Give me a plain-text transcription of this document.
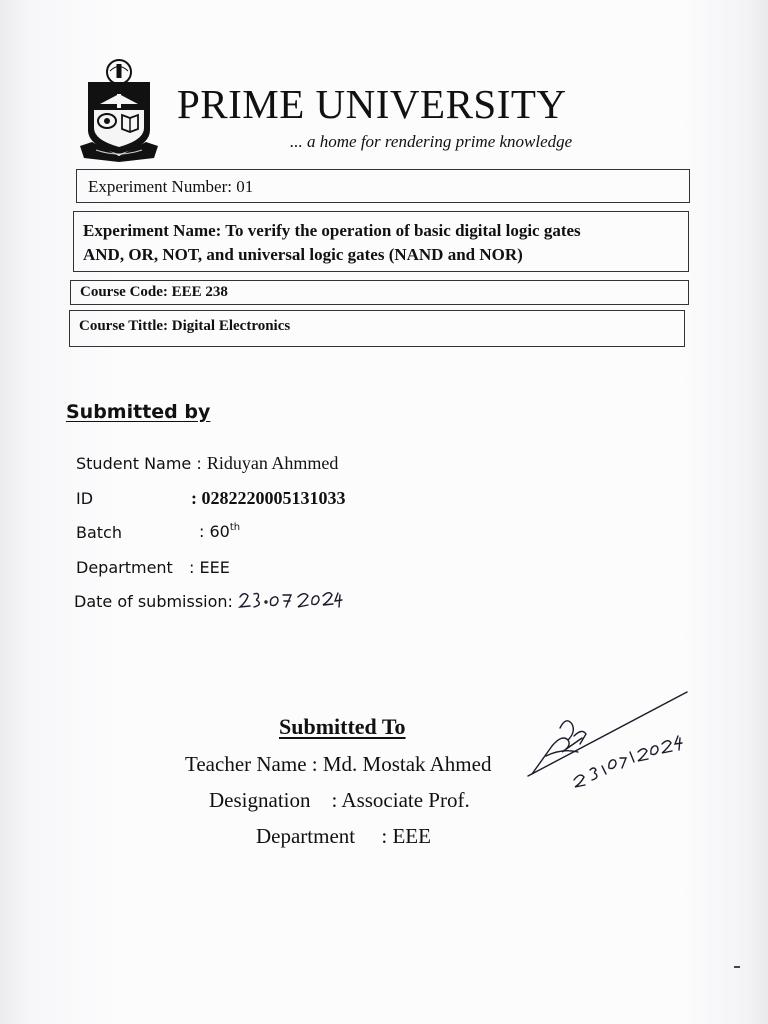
PRIME UNIVERSITY
... a home for rendering prime knowledge
Experiment Number: 01
Experiment Name: To verify the operation of basic digital logic gates
AND, OR, NOT, and universal logic gates (NAND and NOR)
Course Code: EEE 238
Course Tittle: Digital Electronics
Submitted by
Student Name : Riduyan Ahmmed
ID	: 0282220005131033
Batch	: 60th
Department : EEE
Date of submission:
Submitted To
Teacher Name : Md. Mostak Ahmed
Designation    : Associate Prof.
Department     : EEE
